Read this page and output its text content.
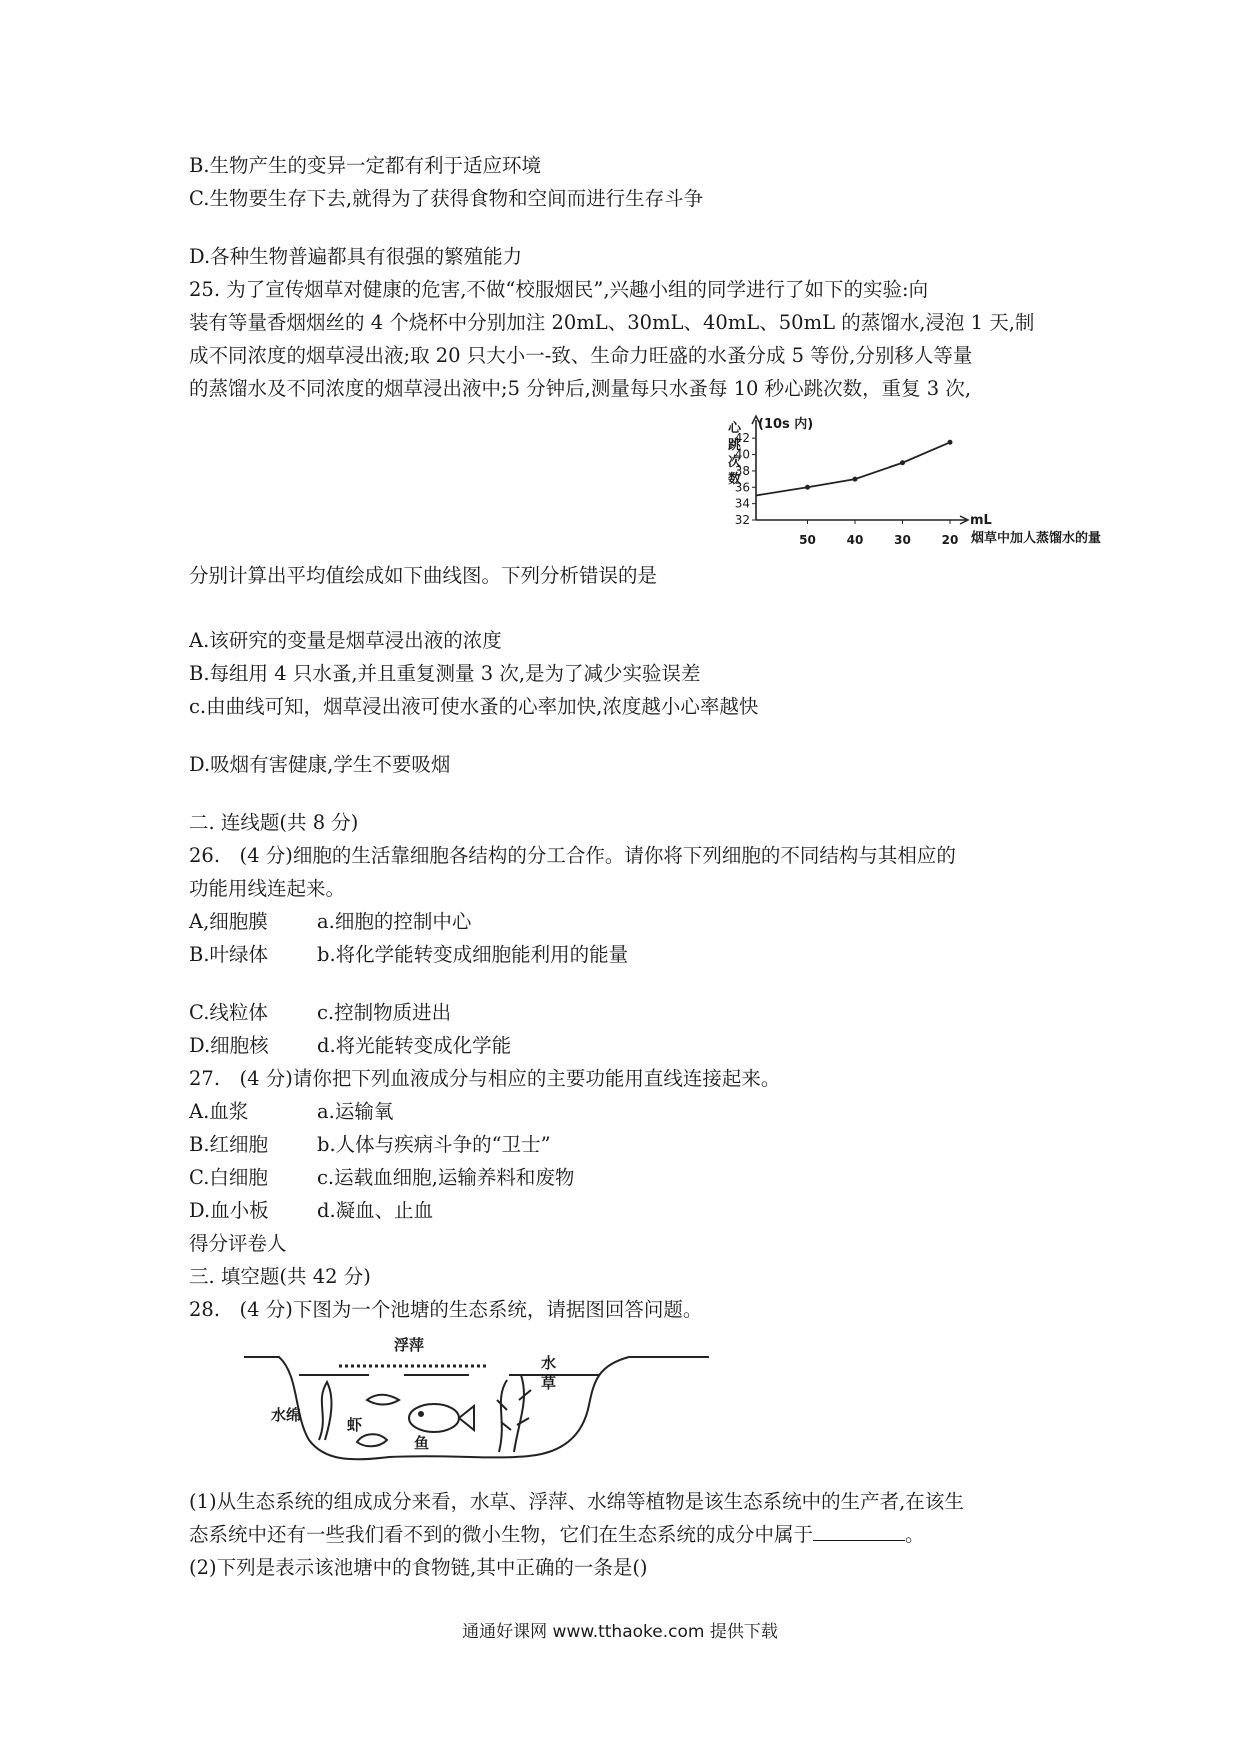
B.生物产生的变异一定都有利于适应环境
C.生物要生存下去,就得为了获得食物和空间而进行生存斗争
D.各种生物普遍都具有很强的繁殖能力
25. 为了宣传烟草对健康的危害,不做“校服烟民”,兴趣小组的同学进行了如下的实验:向
装有等量香烟烟丝的 4 个烧杯中分别加注 20mL、30mL、40mL、50mL 的蒸馏水,浸泡 1 天,制
成不同浓度的烟草浸出液;取 20 只大小一-致、生命力旺盛的水蚤分成 5 等份,分别移人等量
的蒸馏水及不同浓度的烟草浸出液中;5 分钟后,测量每只水蚤每 10 秒心跳次数，重复 3 次,
心
跳
次
数
(10s 内)
32
34
36
38
40
42
mL
50	40	30	20 烟草中加人蒸馏水的量
分别计算出平均值绘成如下曲线图。下列分析错误的是
A.该研究的变量是烟草浸出液的浓度
B.每组用 4 只水蚤,并且重复测量 3 次,是为了减少实验误差
c.由曲线可知，烟草浸出液可使水蚤的心率加快,浓度越小心率越快
D.吸烟有害健康,学生不要吸烟
二. 连线题(共 8 分)
26.　(4 分)细胞的生活靠细胞各结构的分工合作。请你将下列细胞的不同结构与其相应的
功能用线连起来。
A,细胞膜	a.细胞的控制中心
B.叶绿体	b.将化学能转变成细胞能利用的能量
C.线粒体	c.控制物质进出
D.细胞核 d.将光能转变成化学能
27.　(4 分)请你把下列血液成分与相应的主要功能用直线连接起来。
A.血浆	a.运输氧
B.红细胞	b.人体与疾病斗争的“卫士”
C.白细胞	c.运载血细胞,运输养料和废物
D.血小板 d.凝血、止血
得分评卷人
三. 填空题(共 42 分)
28.　(4 分)下图为一个池塘的生态系统，请据图回答问题。
浮萍
水
草
水绵
虾
鱼
(1)从生态系统的组成成分来看，水草、浮萍、水绵等植物是该生态系统中的生产者,在该生
态系统中还有一些我们看不到的微小生物，它们在生态系统的成分中属于	。
(2)下列是表示该池塘中的食物链,其中正确的一条是()
通通好课网 www.tthaoke.com 提供下载
